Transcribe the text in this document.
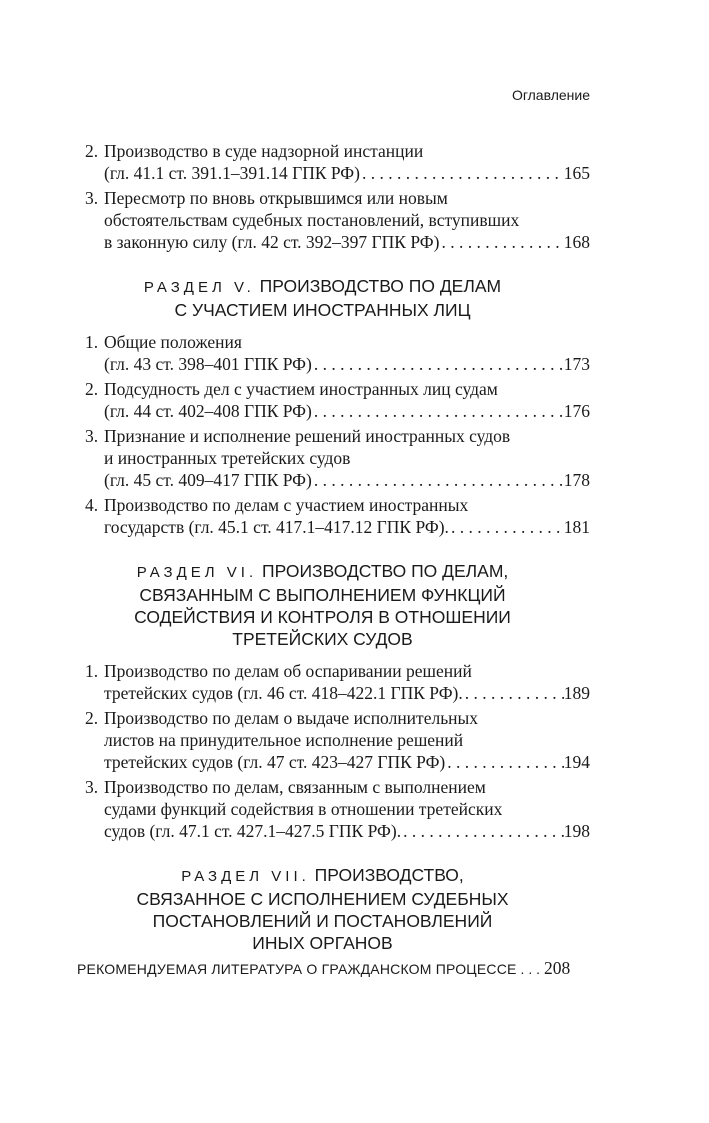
Оглавление
2. Производство в суде надзорной инстанции
(гл. 41.1 ст. 391.1–391.14 ГПК РФ) . . .	165
3. Пересмотр по вновь открывшимся или новым
обстоятельствам судебных постановлений, вступивших
в законную силу (гл. 42 ст. 392–397 ГПК РФ) . . .	168
РАЗДЕЛ V. ПРОИЗВОДСТВО ПО ДЕЛАМ
С УЧАСТИЕМ ИНОСТРАННЫХ ЛИЦ
1. Общие положения
(гл. 43 ст. 398–401 ГПК РФ) . . .	173
2. Подсудность дел с участием иностранных лиц судам
(гл. 44 ст. 402–408 ГПК РФ) . . .	176
3. Признание и исполнение решений иностранных судов
и иностранных третейских судов
(гл. 45 ст. 409–417 ГПК РФ) . . .	178
4. Производство по делам с участием иностранных
государств (гл. 45.1 ст. 417.1–417.12 ГПК РФ). . . .	181
РАЗДЕЛ VI. ПРОИЗВОДСТВО ПО ДЕЛАМ,
СВЯЗАННЫМ С ВЫПОЛНЕНИЕМ ФУНКЦИЙ
СОДЕЙСТВИЯ И КОНТРОЛЯ В ОТНОШЕНИИ
ТРЕТЕЙСКИХ СУДОВ
1. Производство по делам об оспаривании решений
третейских судов (гл. 46 ст. 418–422.1 ГПК РФ). . . .	189
2. Производство по делам о выдаче исполнительных
листов на принудительное исполнение решений
третейских судов (гл. 47 ст. 423–427 ГПК РФ) . . .	194
3. Производство по делам, связанным с выполнением
судами функций содействия в отношении третейских
судов (гл. 47.1 ст. 427.1–427.5 ГПК РФ). . . .	198
РАЗДЕЛ VII. ПРОИЗВОДСТВО,
СВЯЗАННОЕ С ИСПОЛНЕНИЕМ СУДЕБНЫХ
ПОСТАНОВЛЕНИЙ И ПОСТАНОВЛЕНИЙ
ИНЫХ ОРГАНОВ
РЕКОМЕНДУЕМАЯ ЛИТЕРАТУРА О ГРАЖДАНСКОМ ПРОЦЕССЕ . . . 208
